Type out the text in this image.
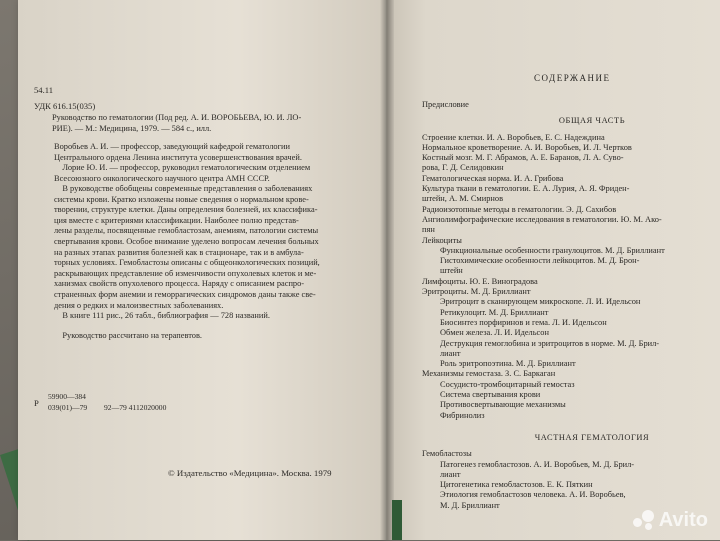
54.11
УДК 616.15(035)
Руководство по гематологии (Под ред. А. И. ВОРОБЬЕВА, Ю. И. ЛО-
РИЕ). — М.: Медицина, 1979. — 584 с., илл.
Воробьев А. И. — профессор, заведующий кафедрой гематологии
Центрального ордена Ленина института усовершенствования врачей.
Лорие Ю. И. — профессор, руководил гематологическим отделением
Всесоюзного онкологического научного центра АМН СССР.
В руководстве обобщены современные представления о заболеваниях
системы крови. Кратко изложены новые сведения о нормальном крове-
творении, структуре клетки. Даны определения болезней, их классифика-
ция вместе с критериями классификации. Наиболее полно представ-
лены разделы, посвященные гемобластозам, анемиям, патологии системы
свертывания крови. Особое внимание уделено вопросам лечения больных
на разных этапах развития болезней как в стационаре, так и в амбула-
торных условиях. Гемобластозы описаны с общеонкологических позиций,
раскрывающих представление об изменчивости опухолевых клеток и ме-
ханизмах свойств опухолевого процесса. Наряду с описанием распро-
страненных форм анемии и геморрагических синдромов даны также све-
дения о редких и малоизвестных заболеваниях.
В книге 111 рис., 26 табл., библиография — 728 названий.
Руководство рассчитано на терапевтов.
Р
59900—384
039(01)—79 92—79 4112020000
© Издательство «Медицина». Москва. 1979
СОДЕРЖАНИЕ
Предисловие
ОБЩАЯ ЧАСТЬ
Строение клетки. И. А. Воробьев, Е. С. Надеждина
Нормальное кроветворение. А. И. Воробьев, И. Л. Чертков
Костный мозг. М. Г. Абрамов, А. Е. Баранов, Л. А. Суво-
рова, Г. Д. Селидовкин
Гематологическая норма. И. А. Грибова
Культура ткани в гематологии. Е. А. Лурия, А. Я. Фриден-
штейн, А. М. Смирнов
Радиоизотопные методы в гематологии. Э. Д. Сахибов
Ангиолимфографические исследования в гематологии. Ю. М. Ако-
пян
Лейкоциты
Функциональные особенности гранулоцитов. М. Д. Бриллиант
Гистохимические особенности лейкоцитов. М. Д. Брон-
штейн
Лимфоциты. Ю. Е. Виноградова
Эритроциты. М. Д. Бриллиант
Эритроцит в сканирующем микроскопе. Л. И. Идельсон
Ретикулоцит. М. Д. Бриллиант
Биосинтез порфиринов и гема. Л. И. Идельсон
Обмен железа. Л. И. Идельсон
Деструкция гемоглобина и эритроцитов в норме. М. Д. Брил-
лиант
Роль эритропоэтина. М. Д. Бриллиант
Механизмы гемостаза. З. С. Баркаган
Сосудисто-тромбоцитарный гемостаз
Система свертывания крови
Противосвертывающие механизмы
Фибринолиз
ЧАСТНАЯ ГЕМАТОЛОГИЯ
Гемобластозы
Патогенез гемобластозов. А. И. Воробьев, М. Д. Брил-
лиант
Цитогенетика гемобластозов. Е. К. Пяткин
Этиология гемобластозов человека. А. И. Воробьев,
М. Д. Бриллиант
Avito
